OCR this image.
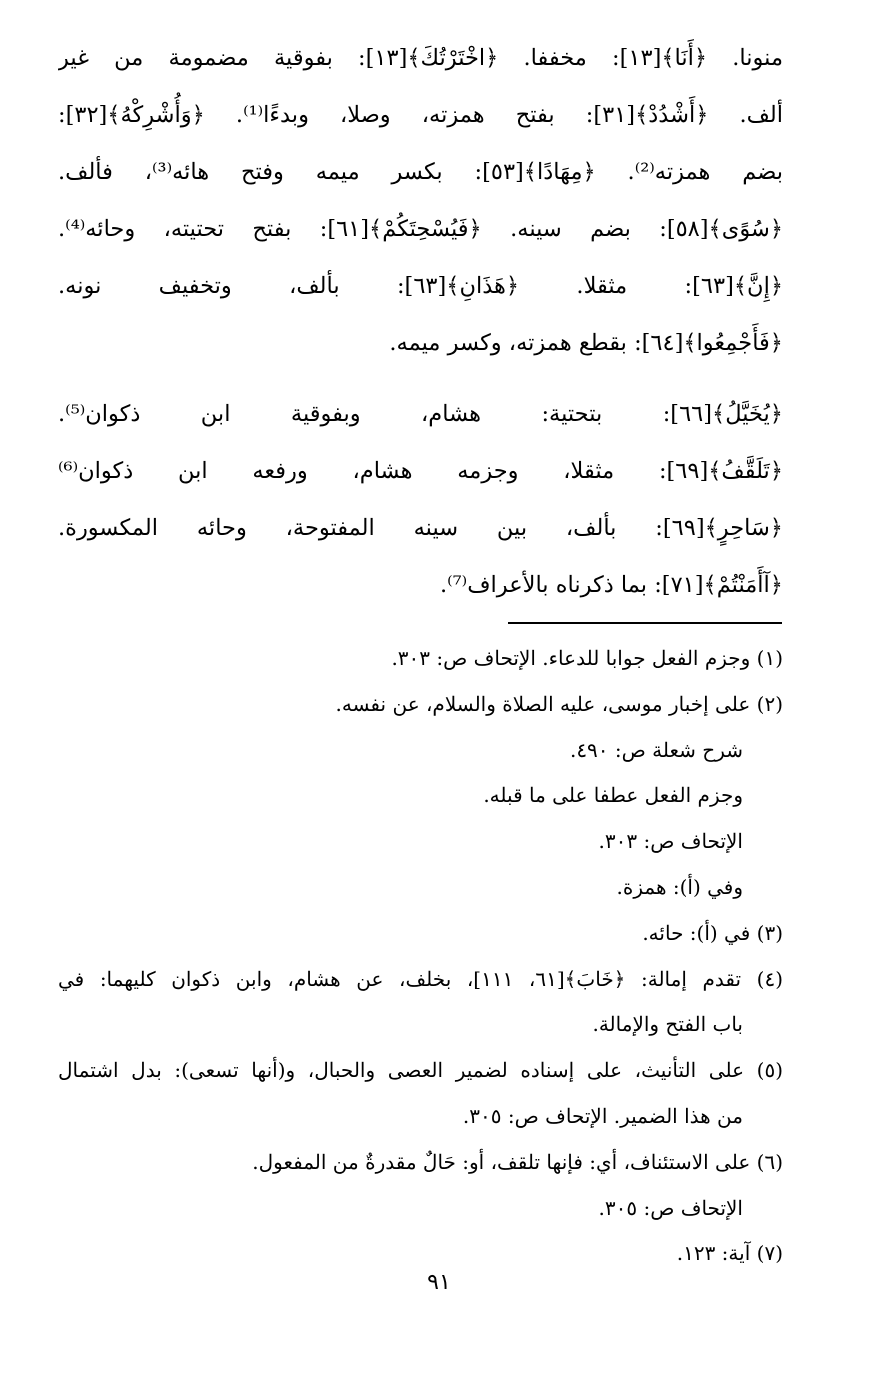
منونا. ﴿أَنَا﴾[١٣]: مخففا. ﴿اخْتَرْتُكَ﴾[١٣]: بفوقية مضمومة من غير
ألف. ﴿أَشْدُدْ﴾[٣١]: بفتح همزته، وصلا، وبدءًا⁽¹⁾. ﴿وَأُشْرِكْهُ﴾[٣٢]:
بضم همزته⁽²⁾. ﴿مِهَادًا﴾[٥٣]: بكسر ميمه وفتح هائه⁽³⁾، فألف.
﴿سُوًى﴾[٥٨]: بضم سينه. ﴿فَيُسْحِتَكُمْ﴾[٦١]: بفتح تحتيته، وحائه⁽⁴⁾.
﴿إِنَّ﴾[٦٣]: مثقلا. ﴿هَذَانِ﴾[٦٣]: بألف، وتخفيف نونه.
﴿فَأَجْمِعُوا﴾[٦٤]: بقطع همزته، وكسر ميمه.
﴿يُخَيَّلُ﴾[٦٦]: بتحتية: هشام، وبفوقية ابن ذكوان⁽⁵⁾.
﴿تَلَقَّفُ﴾[٦٩]: مثقلا، وجزمه هشام، ورفعه ابن ذكوان⁽⁶⁾
﴿سَاحِرٍ﴾[٦٩]: بألف، بين سينه المفتوحة، وحائه المكسورة.
﴿آأَمَنْتُمْ﴾[٧١]: بما ذكرناه بالأعراف⁽⁷⁾.
(١) وجزم الفعل جوابا للدعاء. الإتحاف ص: ٣٠٣.
(٢) على إخبار موسى، عليه الصلاة والسلام، عن نفسه.
شرح شعلة ص: ٤٩٠.
وجزم الفعل عطفا على ما قبله.
الإتحاف ص: ٣٠٣.
وفي (أ): همزة.
(٣) في (أ): حائه.
(٤) تقدم إمالة: ﴿خَابَ﴾[٦١، ١١١]، بخلف، عن هشام، وابن ذكوان كليهما: في
باب الفتح والإمالة.
(٥) على التأنيث، على إسناده لضمير العصى والحبال، و(أنها تسعى): بدل اشتمال
من هذا الضمير. الإتحاف ص: ٣٠٥.
(٦) على الاستئناف، أي: فإنها تلقف، أو: حَالٌ مقدرةٌ من المفعول.
الإتحاف ص: ٣٠٥.
(٧) آية: ١٢٣.
٩١
